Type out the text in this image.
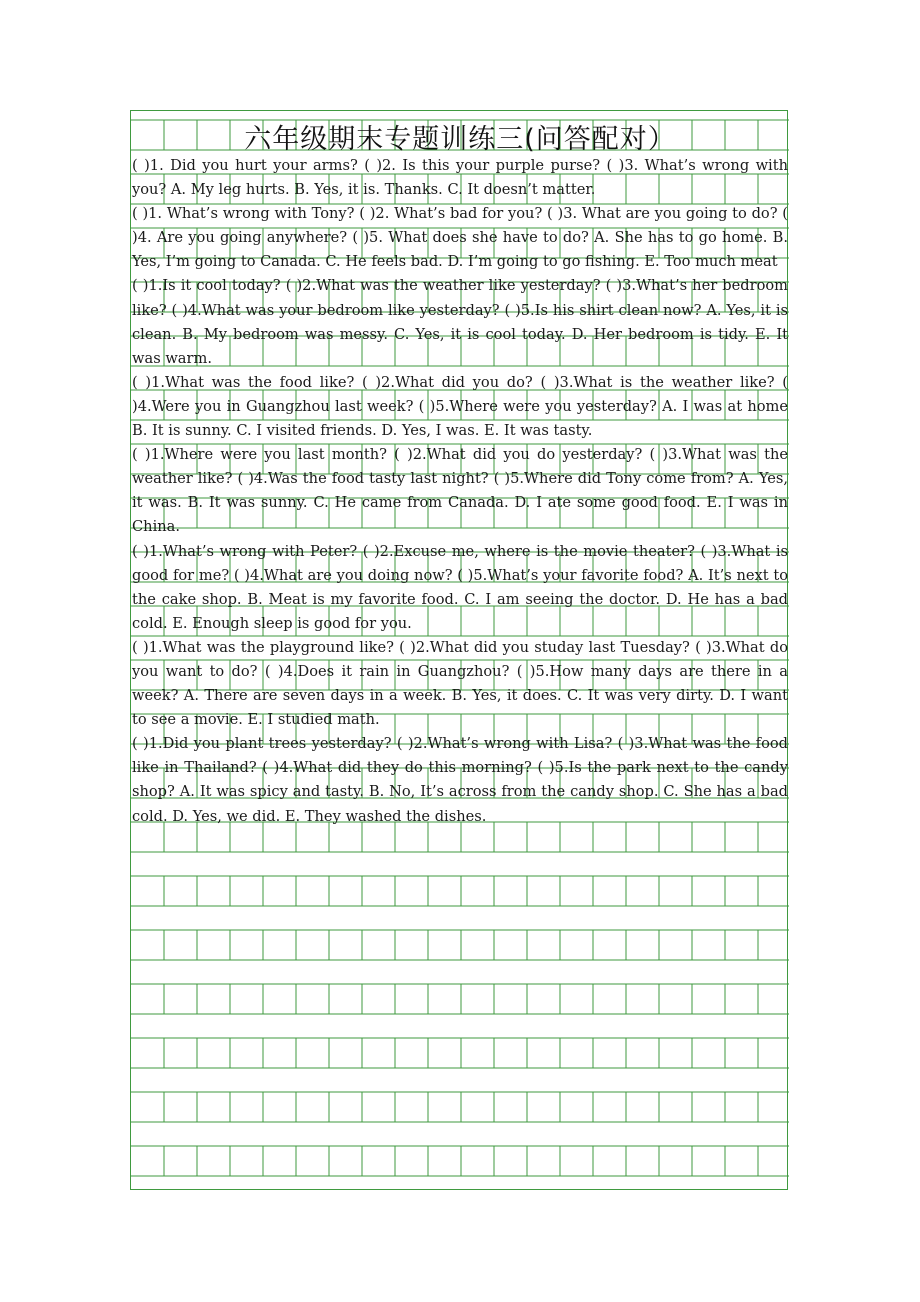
六年级期末专题训练三(问答配对）

( )1. Did you hurt your arms? ( )2. Is this your purple purse? ( )3. What’s wrong with you? A. My leg hurts. B. Yes, it is. Thanks. C. It doesn’t matter.

( )1. What’s wrong with Tony? ( )2. What’s bad for you? ( )3. What are you going to do? ( )4. Are you going anywhere? ( )5. What does she have to do? A. She has to go home. B. Yes, I’m going to Canada. C. He feels bad. D. I’m going to go fishing. E. Too much meat

( )1.Is it cool today? ( )2.What was the weather like yesterday? ( )3.What’s her bedroom like? ( )4.What was your bedroom like yesterday? ( )5.Is his shirt clean now? A. Yes, it is clean. B. My bedroom was messy. C. Yes, it is cool today. D. Her bedroom is tidy. E. It was warm.

( )1.What was the food like? ( )2.What did you do? ( )3.What is the weather like? ( )4.Were you in Guangzhou last week? ( )5.Where were you yesterday? A. I was at home B. It is sunny. C. I visited friends. D. Yes, I was. E. It was tasty.

( )1.Where were you last month? ( )2.What did you do yesterday? ( )3.What was the weather like? ( )4.Was the food tasty last night? ( )5.Where did Tony come from? A. Yes, it was. B. It was sunny. C. He came from Canada. D. I ate some good food. E. I was in China.

( )1.What’s wrong with Peter? ( )2.Excuse me, where is the movie theater? ( )3.What is good for me? ( )4.What are you doing now? ( )5.What’s your favorite food? A. It’s next to the cake shop. B. Meat is my favorite food. C. I am seeing the doctor. D. He has a bad cold. E. Enough sleep is good for you.

( )1.What was the playground like? ( )2.What did you studay last Tuesday? ( )3.What do you want to do? ( )4.Does it rain in Guangzhou? ( )5.How many days are there in a week? A. There are seven days in a week. B. Yes, it does. C. It was very dirty. D. I want to see a movie. E. I studied math.

( )1.Did you plant trees yesterday? ( )2.What’s wrong with Lisa? ( )3.What was the food like in Thailand? ( )4.What did they do this morning? ( )5.Is the park next to the candy shop? A. It was spicy and tasty. B. No, It’s across from the candy shop. C. She has a bad cold. D. Yes, we did. E. They washed the dishes.
